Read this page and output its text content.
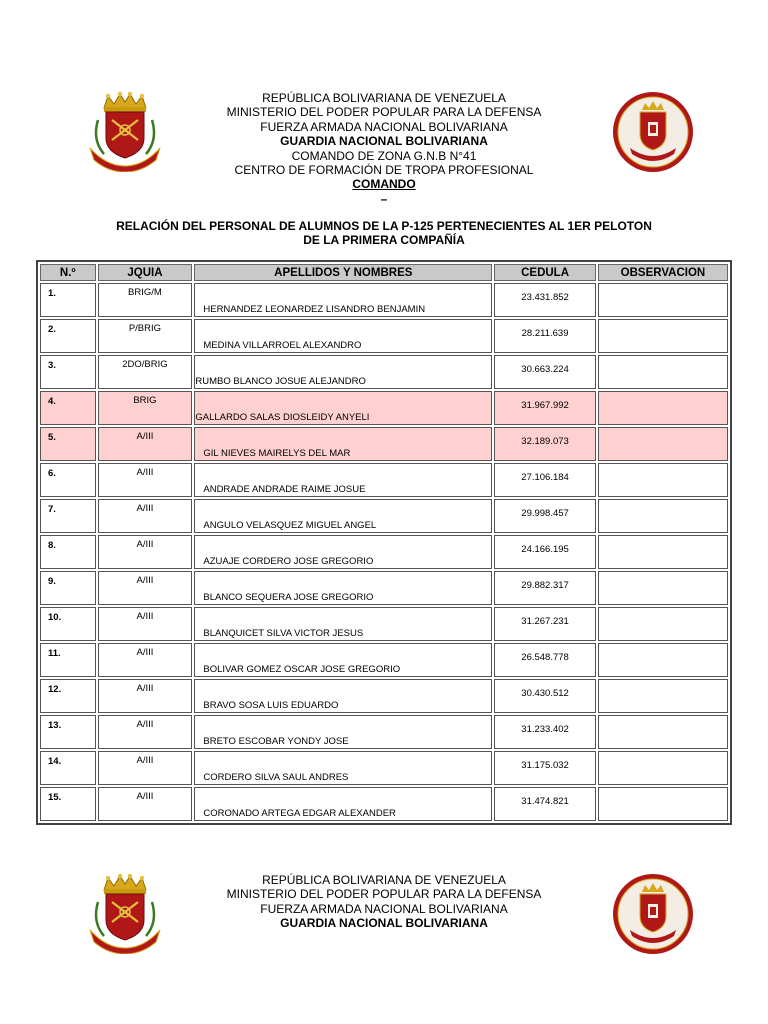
REPÚBLICA BOLIVARIANA DE VENEZUELA
MINISTERIO DEL PODER POPULAR PARA LA DEFENSA
FUERZA ARMADA NACIONAL BOLIVARIANA
GUARDIA NACIONAL BOLIVARIANA
COMANDO DE ZONA G.N.B N°41
CENTRO DE FORMACIÓN DE TROPA PROFESIONAL
COMANDO
–
RELACIÓN DEL PERSONAL DE ALUMNOS DE LA P-125 PERTENECIENTES AL 1ER PELOTON
DE LA PRIMERA COMPAÑÍA
N.º	JQUIA	APELLIDOS Y NOMBRES	CEDULA	OBSERVACION
1.	BRIG/M	HERNANDEZ LEONARDEZ LISANDRO BENJAMIN	23.431.852	
2.	P/BRIG	MEDINA VILLARROEL ALEXANDRO	28.211.639	
3.	2DO/BRIG	RUMBO BLANCO JOSUE ALEJANDRO	30.663.224	
4.	BRIG	GALLARDO SALAS DIOSLEIDY ANYELI	31.967.992	
5.	A/III	GIL NIEVES MAIRELYS DEL MAR	32.189.073	
6.	A/III	ANDRADE ANDRADE RAIME JOSUE	27.106.184	
7.	A/III	ANGULO VELASQUEZ MIGUEL ANGEL	29.998.457	
8.	A/III	AZUAJE CORDERO JOSE GREGORIO	24.166.195	
9.	A/III	BLANCO SEQUERA JOSE GREGORIO	29.882.317	
10.	A/III	BLANQUICET SILVA VICTOR JESUS	31.267.231	
11.	A/III	BOLIVAR GOMEZ OSCAR JOSE GREGORIO	26.548.778	
12.	A/III	BRAVO SOSA LUIS EDUARDO	30.430.512	
13.	A/III	BRETO ESCOBAR YONDY JOSE	31.233.402	
14.	A/III	CORDERO SILVA SAUL ANDRES	31.175.032	
15.	A/III	CORONADO ARTEGA EDGAR ALEXANDER	31.474.821	
REPÚBLICA BOLIVARIANA DE VENEZUELA
MINISTERIO DEL PODER POPULAR PARA LA DEFENSA
FUERZA ARMADA NACIONAL BOLIVARIANA
GUARDIA NACIONAL BOLIVARIANA
